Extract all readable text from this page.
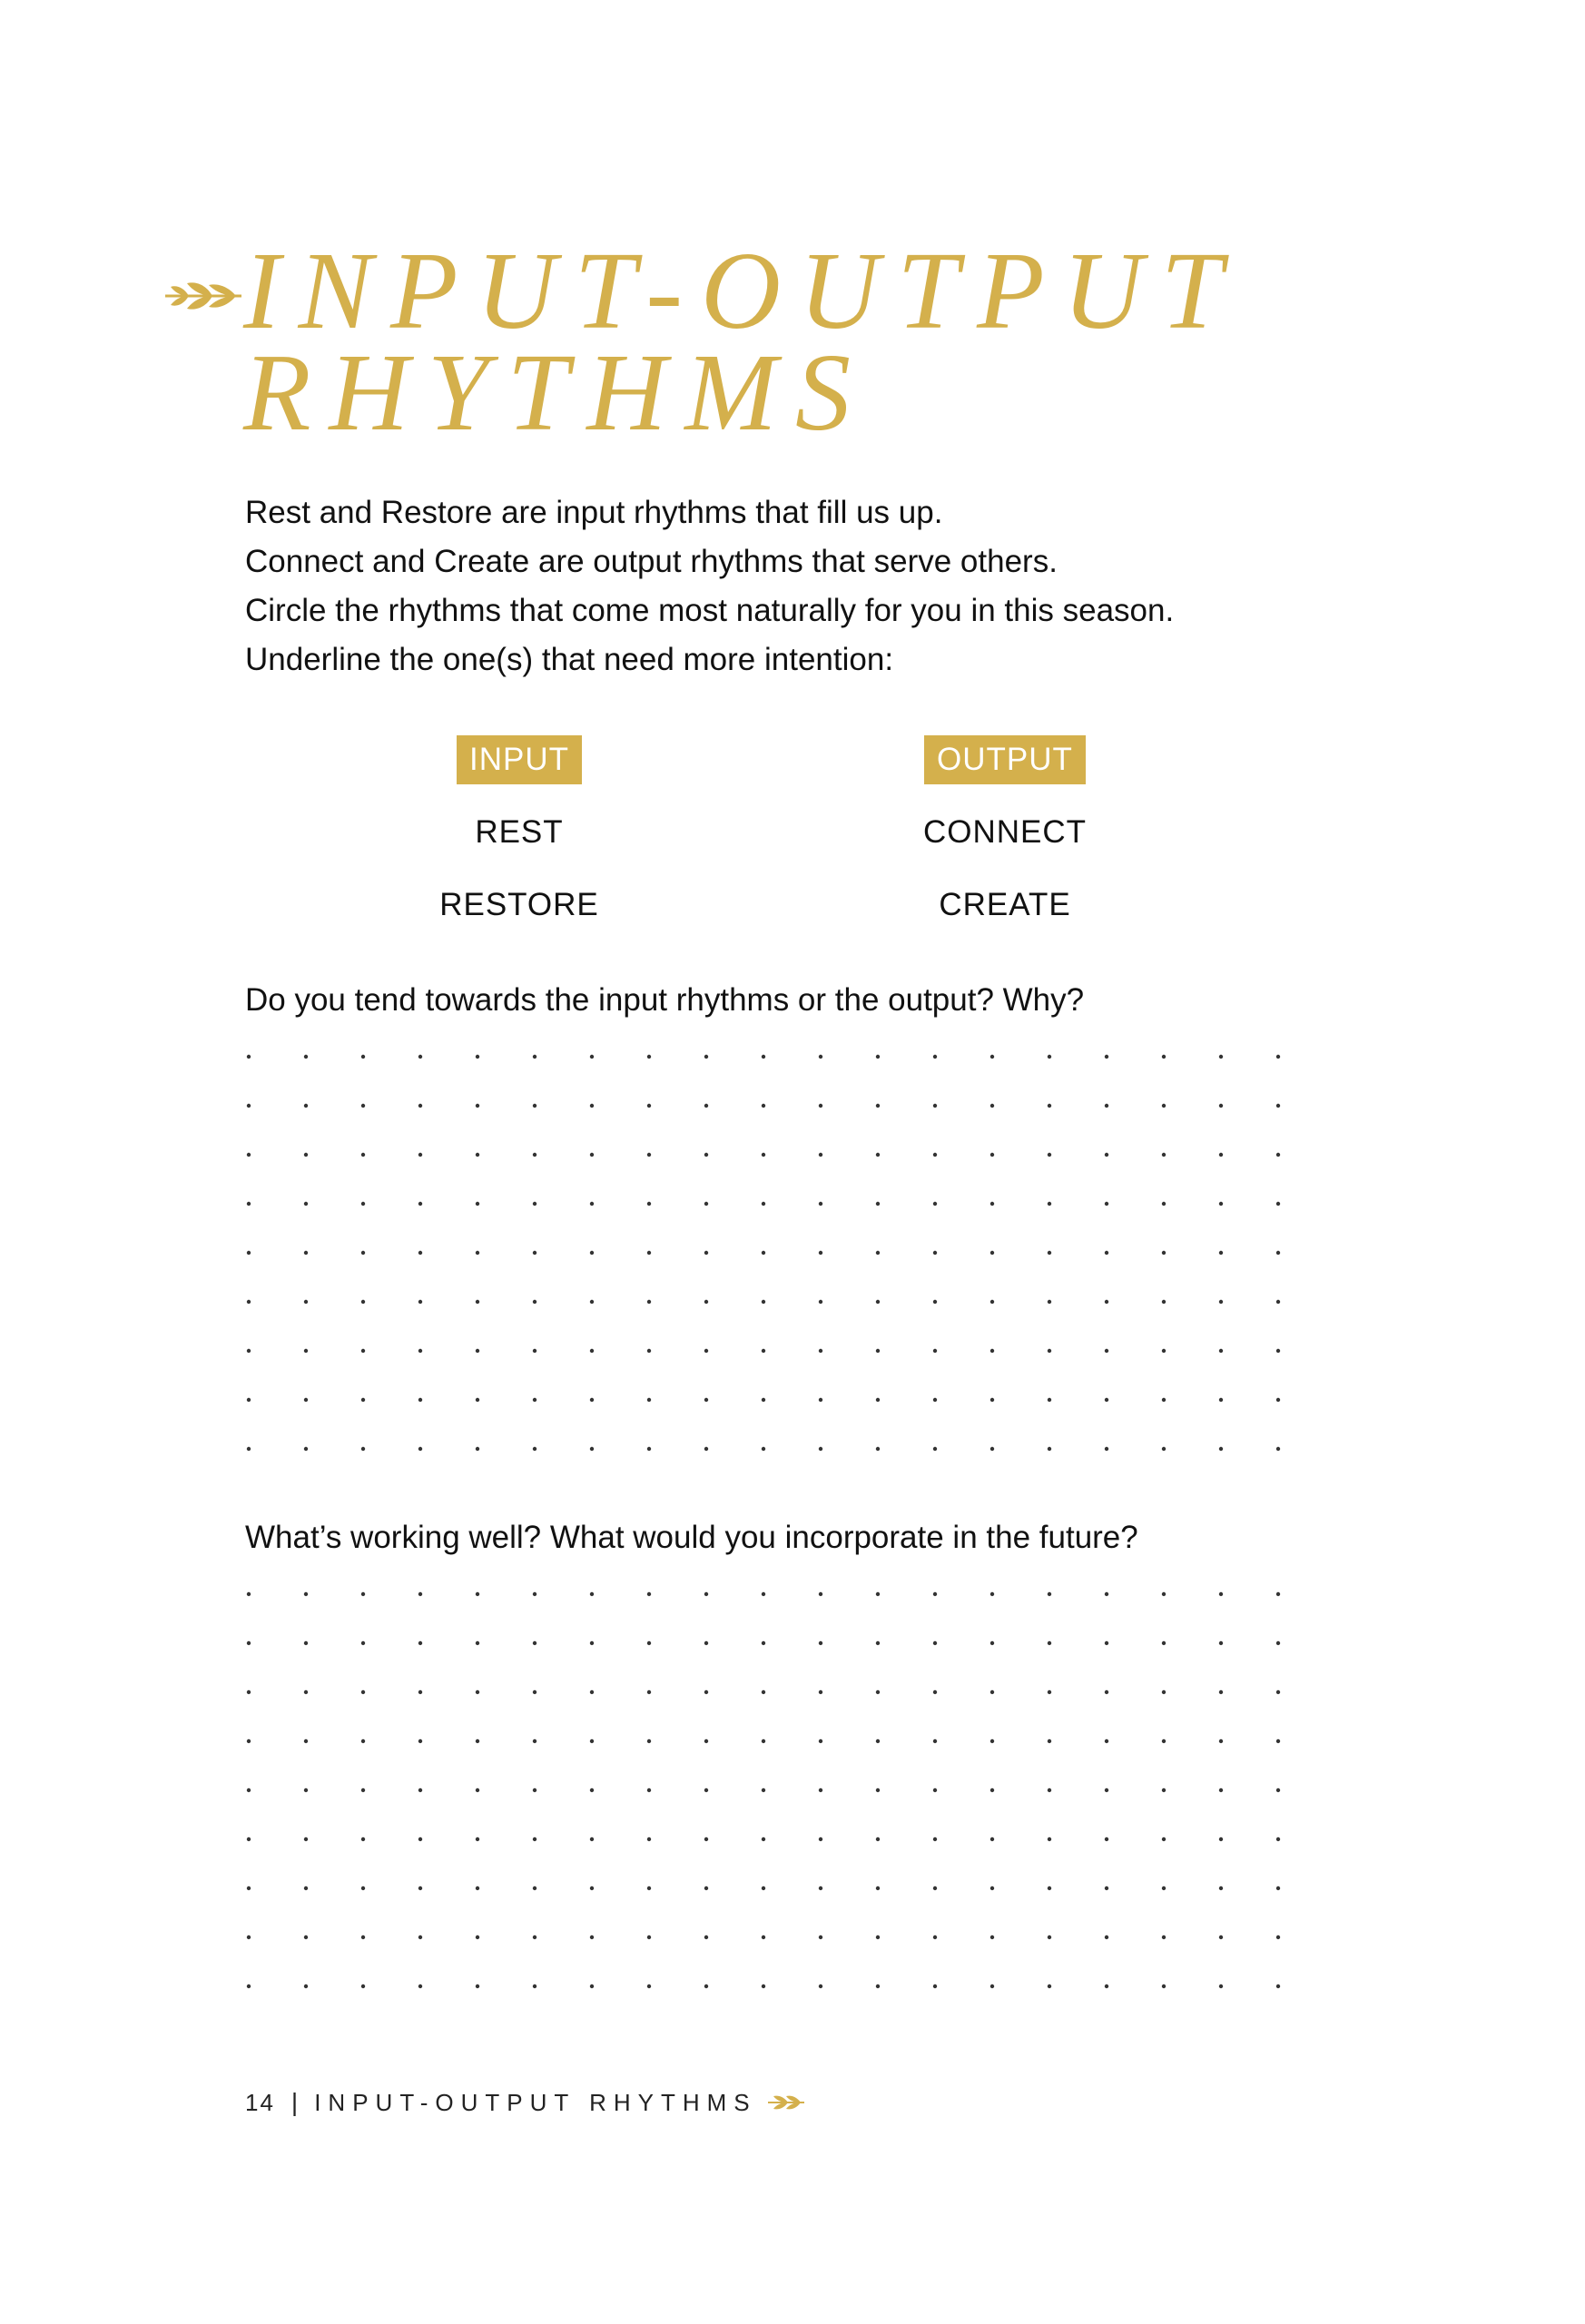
INPUT-OUTPUT
RHYTHMS

Rest and Restore are input rhythms that fill us up.

Connect and Create are output rhythms that serve others.

Circle the rhythms that come most naturally for you in this season.

Underline the one(s) that need more intention:

INPUT
REST
RESTORE
OUTPUT
CONNECT
CREATE
Do you tend towards the input rhythms or the output? Why?
What’s working well? What would you incorporate in the future?
14 | INPUT-OUTPUT RHYTHMS
